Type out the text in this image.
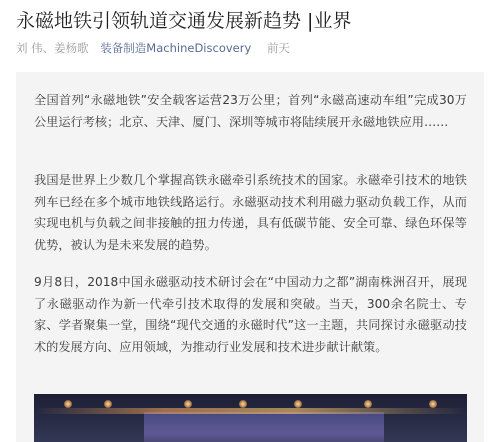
永磁地铁引领轨道交通发展新趋势 |业界
刘 伟、姜杨歌 装备制造MachineDiscovery 前天

全国首列“永磁地铁”安全载客运营23万公里；首列“永磁高速动车组”完成30万公里运行考核；北京、天津、厦门、深圳等城市将陆续展开永磁地铁应用……

我国是世界上少数几个掌握高铁永磁牵引系统技术的国家。永磁牵引技术的地铁列车已经在多个城市地铁线路运行。永磁驱动技术利用磁力驱动负载工作，从而实现电机与负载之间非接触的扭力传递，具有低碳节能、安全可靠、绿色环保等优势，被认为是未来发展的趋势。

9月8日，2018中国永磁驱动技术研讨会在“中国动力之都”湖南株洲召开，展现了永磁驱动作为新一代牵引技术取得的发展和突破。当天，300余名院士、专家、学者聚集一堂，围绕“现代交通的永磁时代”这一主题，共同探讨永磁驱动技术的发展方向、应用领域，为推动行业发展和技术进步献计献策。
